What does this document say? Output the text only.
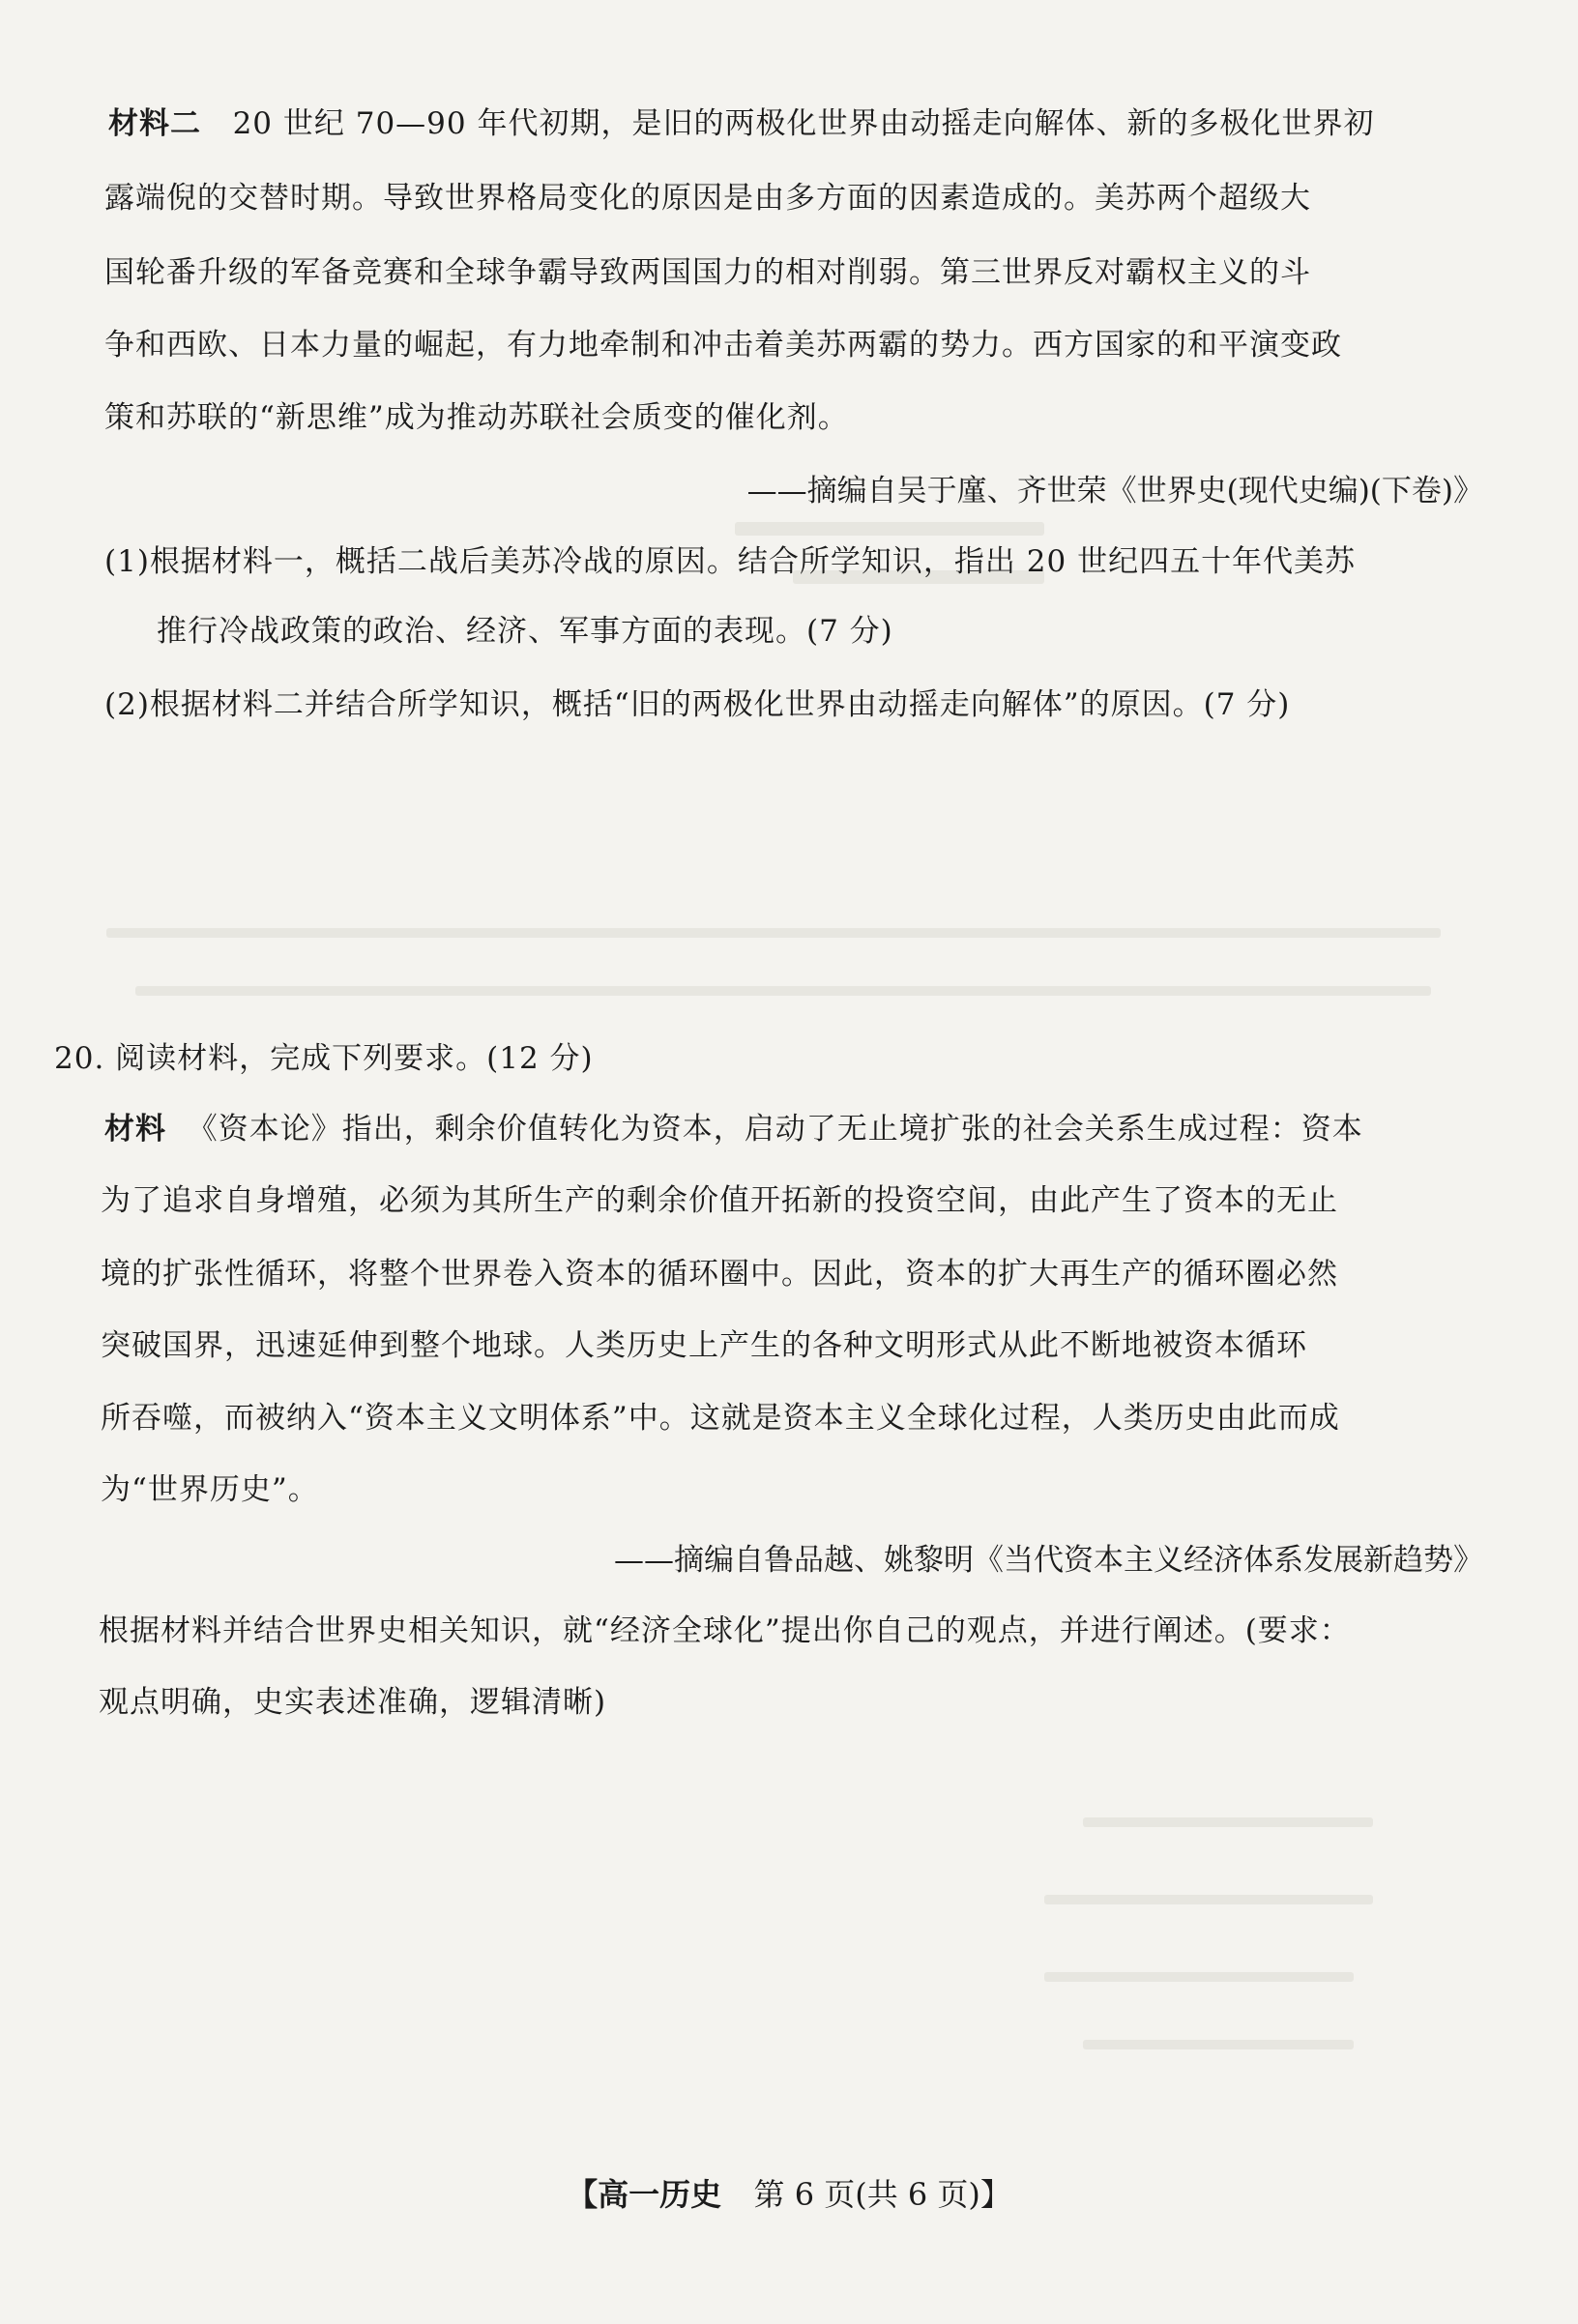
材料二 20 世纪 70—90 年代初期，是旧的两极化世界由动摇走向解体、新的多极化世界初
露端倪的交替时期。导致世界格局变化的原因是由多方面的因素造成的。美苏两个超级大
国轮番升级的军备竞赛和全球争霸导致两国国力的相对削弱。第三世界反对霸权主义的斗
争和西欧、日本力量的崛起，有力地牵制和冲击着美苏两霸的势力。西方国家的和平演变政
策和苏联的“新思维”成为推动苏联社会质变的催化剂。
——摘编自吴于廑、齐世荣《世界史(现代史编)(下卷)》
(1)根据材料一，概括二战后美苏冷战的原因。结合所学知识，指出 20 世纪四五十年代美苏
推行冷战政策的政治、经济、军事方面的表现。(7 分)
(2)根据材料二并结合所学知识，概括“旧的两极化世界由动摇走向解体”的原因。(7 分)
20. 阅读材料，完成下列要求。(12 分)
材料 《资本论》指出，剩余价值转化为资本，启动了无止境扩张的社会关系生成过程：资本
为了追求自身增殖，必须为其所生产的剩余价值开拓新的投资空间，由此产生了资本的无止
境的扩张性循环，将整个世界卷入资本的循环圈中。因此，资本的扩大再生产的循环圈必然
突破国界，迅速延伸到整个地球。人类历史上产生的各种文明形式从此不断地被资本循环
所吞噬，而被纳入“资本主义文明体系”中。这就是资本主义全球化过程，人类历史由此而成
为“世界历史”。
——摘编自鲁品越、姚黎明《当代资本主义经济体系发展新趋势》
根据材料并结合世界史相关知识，就“经济全球化”提出你自己的观点，并进行阐述。(要求：
观点明确，史实表述准确，逻辑清晰)
【高一历史 第 6 页(共 6 页)】
